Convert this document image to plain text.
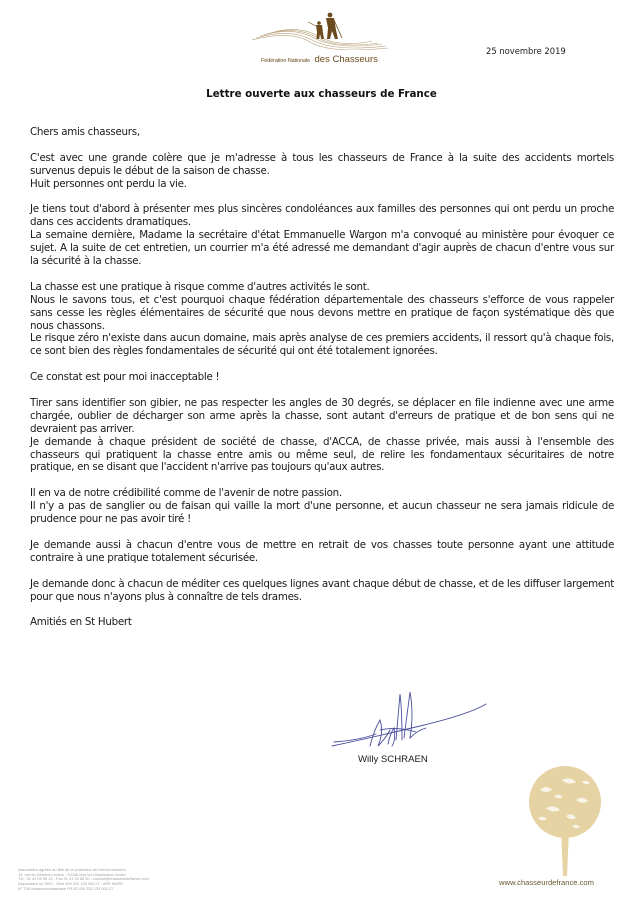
Fédération Nationale des Chasseurs
25 novembre 2019
Lettre ouverte aux chasseurs de France

Chers amis chasseurs,

C'est avec une grande colère que je m'adresse à tous les chasseurs de France à la suite des accidents mortels survenus depuis le début de la saison de chasse.
Huit personnes ont perdu la vie.

Je tiens tout d'abord à présenter mes plus sincères condoléances aux familles des personnes qui ont perdu un proche dans ces accidents dramatiques.
La semaine dernière, Madame la secrétaire d'état Emmanuelle Wargon m'a convoqué au ministère pour évoquer ce sujet. A la suite de cet entretien, un courrier m'a été adressé me demandant d'agir auprès de chacun d'entre vous sur la sécurité à la chasse.

La chasse est une pratique à risque comme d'autres activités le sont.
Nous le savons tous, et c'est pourquoi chaque fédération départementale des chasseurs s'efforce de vous rappeler sans cesse les règles élémentaires de sécurité que nous devons mettre en pratique de façon systématique dès que nous chassons.
Le risque zéro n'existe dans aucun domaine, mais après analyse de ces premiers accidents, il ressort qu'à chaque fois, ce sont bien des règles fondamentales de sécurité qui ont été totalement ignorées.

Ce constat est pour moi inacceptable !

Tirer sans identifier son gibier, ne pas respecter les angles de 30 degrés, se déplacer en file indienne avec une arme chargée, oublier de décharger son arme après la chasse, sont autant d'erreurs de pratique et de bon sens qui ne devraient pas arriver.
Je demande à chaque président de société de chasse, d'ACCA, de chasse privée, mais aussi à l'ensemble des chasseurs qui pratiquent la chasse entre amis ou même seul, de relire les fondamentaux sécuritaires de notre pratique, en se disant que l'accident n'arrive pas toujours qu'aux autres.

Il en va de notre crédibilité comme de l'avenir de notre passion.
Il n'y a pas de sanglier ou de faisan qui vaille la mort d'une personne, et aucun chasseur ne sera jamais ridicule de prudence pour ne pas avoir tiré !

Je demande aussi à chacun d'entre vous de mettre en retrait de vos chasses toute personne ayant une attitude contraire à une pratique totalement sécurisée.

Je demande donc à chacun de méditer ces quelques lignes avant chaque début de chasse, et de les diffuser largement pour que nous n'ayons plus à connaître de tels drames.

Amitiés en St Hubert

Willy SCHRAEN
www.chasseurdefrance.com
Association agréée au titre de la protection de l'environnement
13, rue du Général Leclerc - 92136 Issy les Moulineaux Cedex
Tél : 01 41 09 65 10 - Fax 01 41 09 65 20 - contact@chasseurdefrance.com
Association loi 1901 - Siret 439 220 133 000 27 - APE 9499Z
N° TVA intracommunautaire FR 53 439 220 133 000 27
